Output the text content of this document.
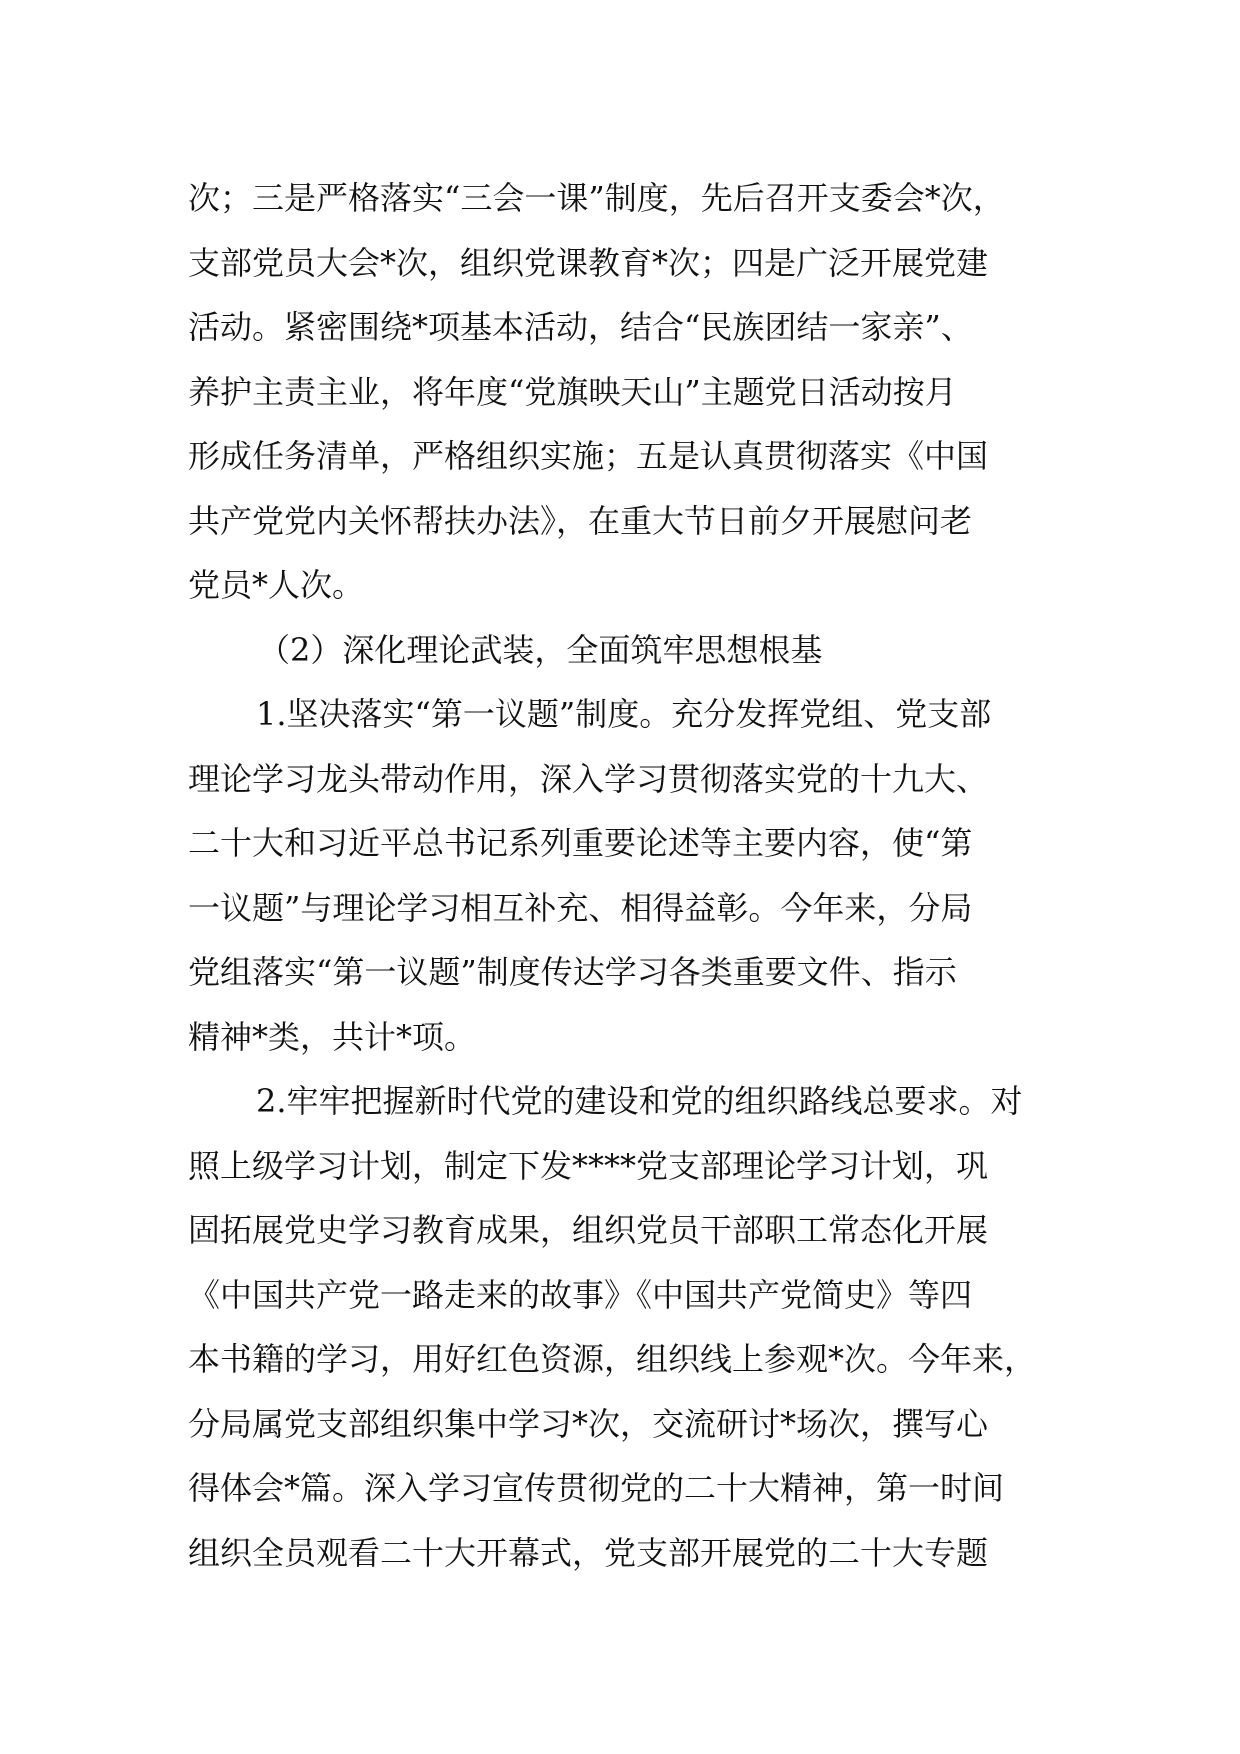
次；三是严格落实“三会一课”制度，先后召开支委会*次，
支部党员大会*次，组织党课教育*次；四是广泛开展党建
活动。紧密围绕*项基本活动，结合“民族团结一家亲”、
养护主责主业，将年度“党旗映天山”主题党日活动按月
形成任务清单，严格组织实施；五是认真贯彻落实《中国
共产党党内关怀帮扶办法》，在重大节日前夕开展慰问老
党员*人次。
（2）深化理论武装，全面筑牢思想根基
1.坚决落实“第一议题”制度。充分发挥党组、党支部
理论学习龙头带动作用，深入学习贯彻落实党的十九大、
二十大和习近平总书记系列重要论述等主要内容，使“第
一议题”与理论学习相互补充、相得益彰。今年来，分局
党组落实“第一议题”制度传达学习各类重要文件、指示
精神*类，共计*项。
2.牢牢把握新时代党的建设和党的组织路线总要求。对
照上级学习计划，制定下发****党支部理论学习计划，巩
固拓展党史学习教育成果，组织党员干部职工常态化开展
《中国共产党一路走来的故事》《中国共产党简史》等四
本书籍的学习，用好红色资源，组织线上参观*次。今年来，
分局属党支部组织集中学习*次，交流研讨*场次，撰写心
得体会*篇。深入学习宣传贯彻党的二十大精神，第一时间
组织全员观看二十大开幕式，党支部开展党的二十大专题
